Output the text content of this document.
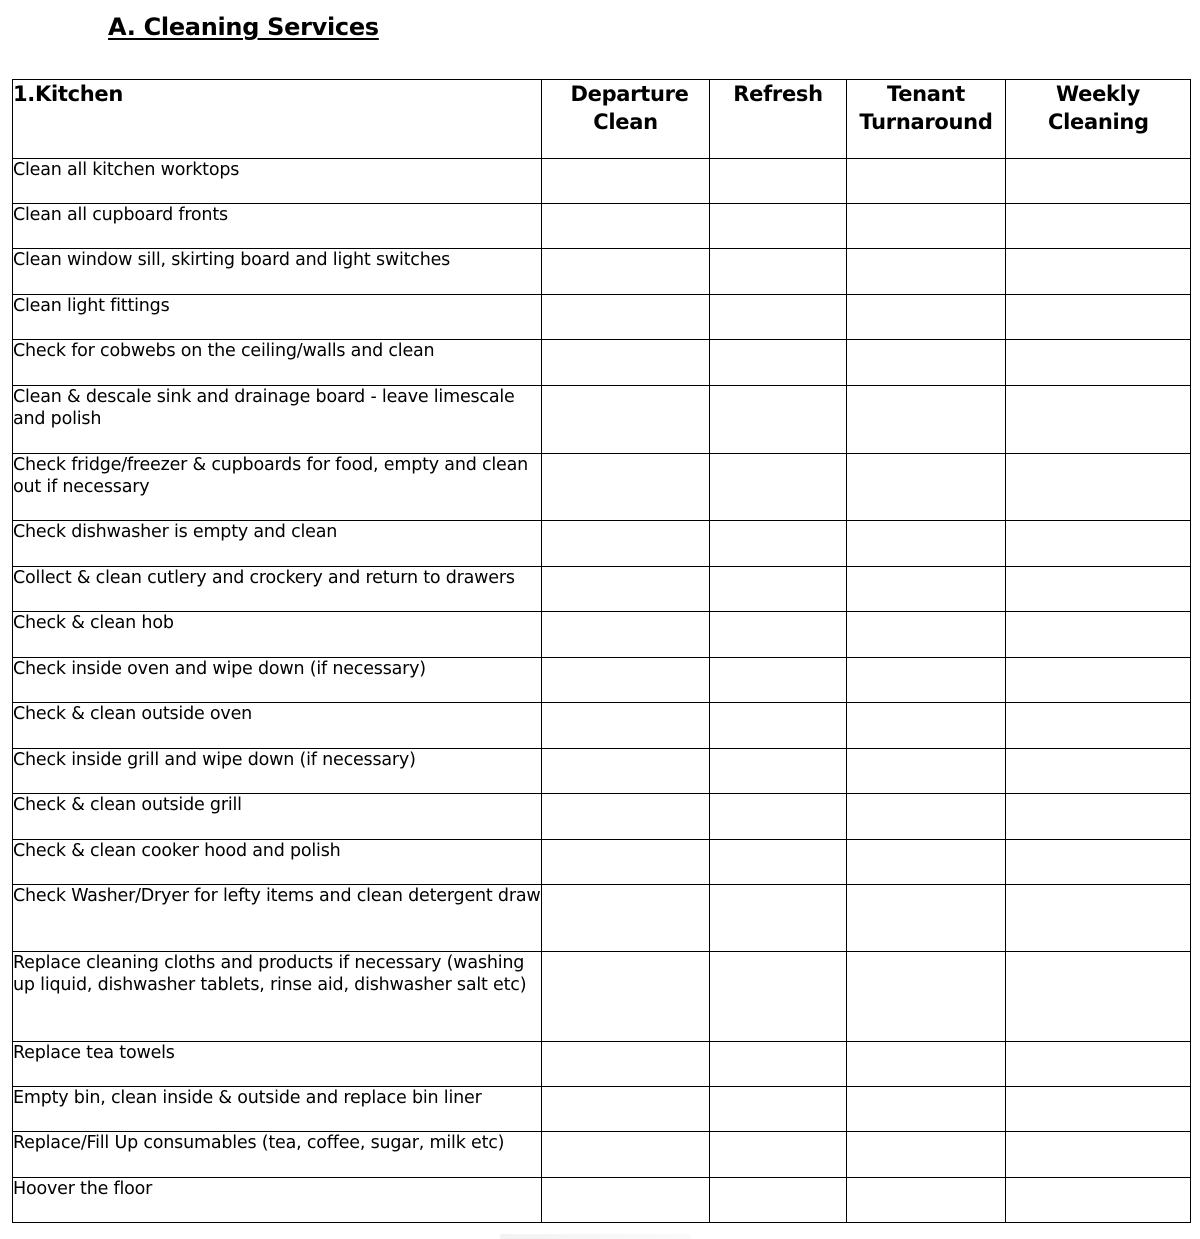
A. Cleaning Services
1.Kitchen	Departure Clean	Refresh	Tenant Turnaround	Weekly Cleaning
Clean all kitchen worktops				
Clean all cupboard fronts				
Clean window sill, skirting board and light switches				
Clean light fittings				
Check for cobwebs on the ceiling/walls and clean				
Clean & descale sink and drainage board - leave limescale and polish				
Check fridge/freezer & cupboards for food, empty and clean out if necessary				
Check dishwasher is empty and clean				
Collect & clean cutlery and crockery and return to drawers				
Check & clean hob				
Check inside oven and wipe down (if necessary)				
Check & clean outside oven				
Check inside grill and wipe down (if necessary)				
Check & clean outside grill				
Check & clean cooker hood and polish				
Check Washer/Dryer for lefty items and clean detergent draw				
Replace cleaning cloths and products if necessary (washing up liquid, dishwasher tablets, rinse aid, dishwasher salt etc)				
Replace tea towels				
Empty bin, clean inside & outside and replace bin liner				
Replace/Fill Up consumables (tea, coffee, sugar, milk etc)				
Hoover the floor				
